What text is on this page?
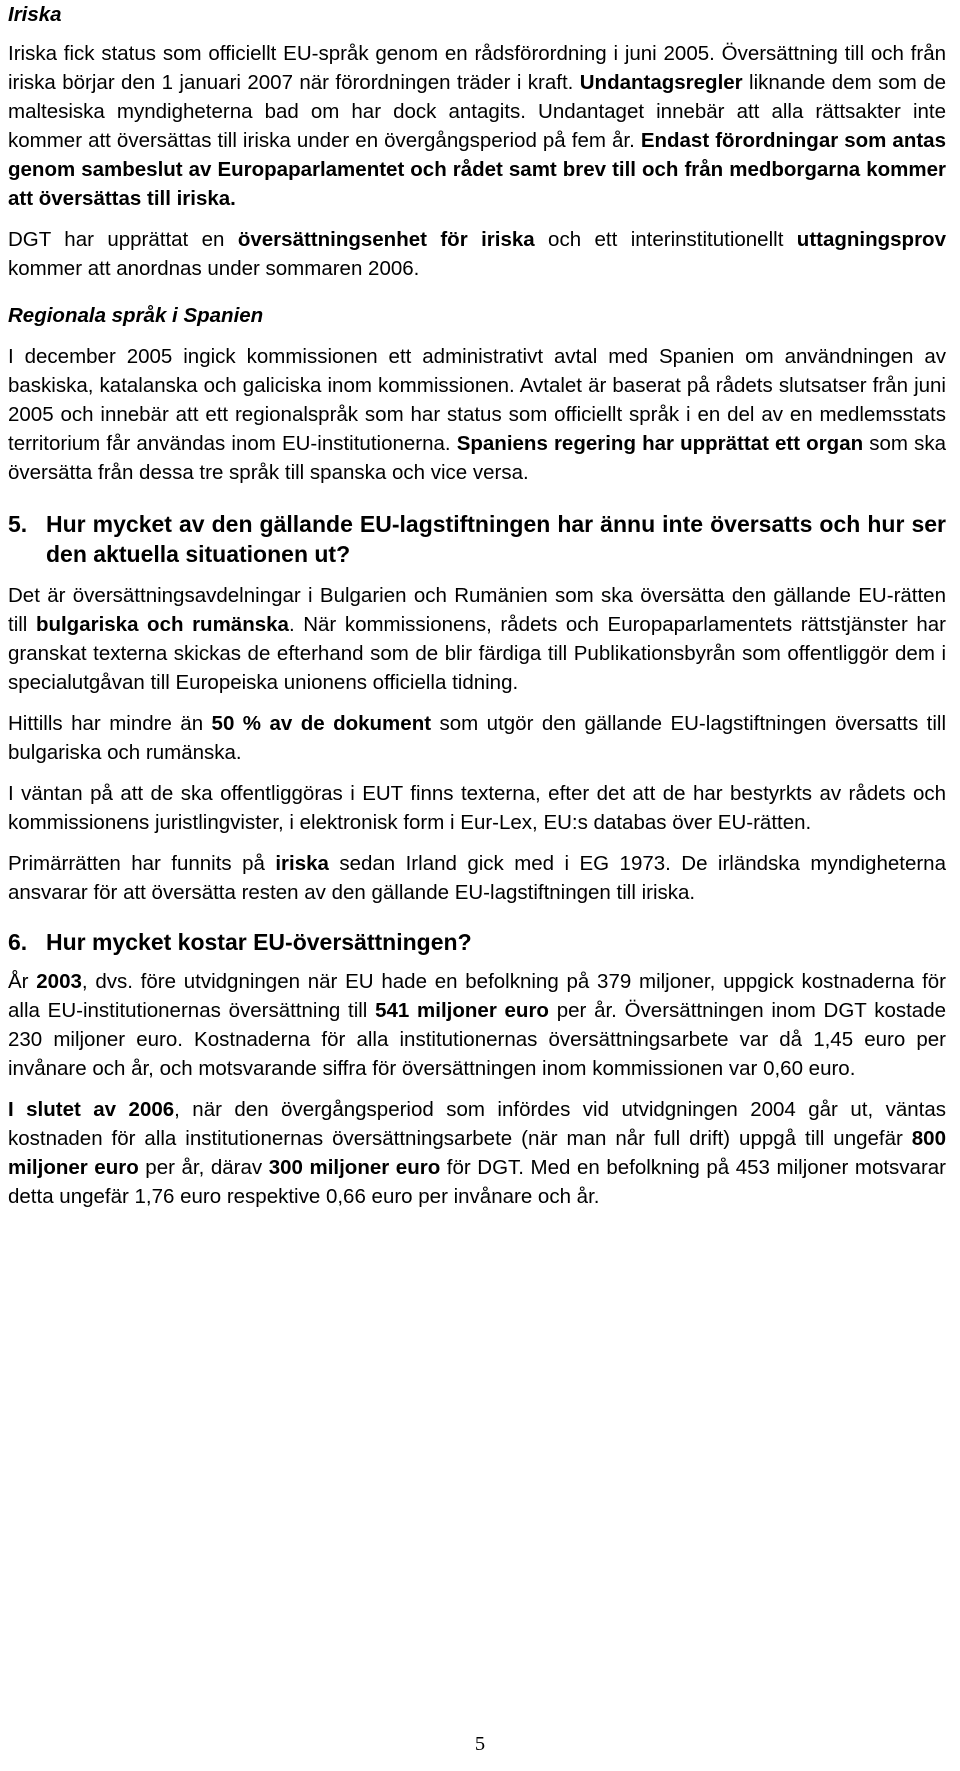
Iriska

Iriska fick status som officiellt EU-språk genom en rådsförordning i juni 2005. Översättning till och från iriska börjar den 1 januari 2007 när förordningen träder i kraft. Undantagsregler liknande dem som de maltesiska myndigheterna bad om har dock antagits. Undantaget innebär att alla rättsakter inte kommer att översättas till iriska under en övergångsperiod på fem år. Endast förordningar som antas genom sambeslut av Europaparlamentet och rådet samt brev till och från medborgarna kommer att översättas till iriska.

DGT har upprättat en översättningsenhet för iriska och ett interinstitutionellt uttagningsprov kommer att anordnas under sommaren 2006.

Regionala språk i Spanien

I december 2005 ingick kommissionen ett administrativt avtal med Spanien om användningen av baskiska, katalanska och galiciska inom kommissionen. Avtalet är baserat på rådets slutsatser från juni 2005 och innebär att ett regionalspråk som har status som officiellt språk i en del av en medlemsstats territorium får användas inom EU-institutionerna. Spaniens regering har upprättat ett organ som ska översätta från dessa tre språk till spanska och vice versa.

5. Hur mycket av den gällande EU-lagstiftningen har ännu inte översatts och hur ser den aktuella situationen ut?

Det är översättningsavdelningar i Bulgarien och Rumänien som ska översätta den gällande EU-rätten till bulgariska och rumänska. När kommissionens, rådets och Europaparlamentets rättstjänster har granskat texterna skickas de efterhand som de blir färdiga till Publikationsbyrån som offentliggör dem i specialutgåvan till Europeiska unionens officiella tidning.

Hittills har mindre än 50 % av de dokument som utgör den gällande EU-lagstiftningen översatts till bulgariska och rumänska.

I väntan på att de ska offentliggöras i EUT finns texterna, efter det att de har bestyrkts av rådets och kommissionens juristlingvister, i elektronisk form i Eur-Lex, EU:s databas över EU-rätten.

Primärrätten har funnits på iriska sedan Irland gick med i EG 1973. De irländska myndigheterna ansvarar för att översätta resten av den gällande EU-lagstiftningen till iriska.

6. Hur mycket kostar EU-översättningen?

År 2003, dvs. före utvidgningen när EU hade en befolkning på 379 miljoner, uppgick kostnaderna för alla EU-institutionernas översättning till 541 miljoner euro per år. Översättningen inom DGT kostade 230 miljoner euro. Kostnaderna för alla institutionernas översättningsarbete var då 1,45 euro per invånare och år, och motsvarande siffra för översättningen inom kommissionen var 0,60 euro.

I slutet av 2006, när den övergångsperiod som infördes vid utvidgningen 2004 går ut, väntas kostnaden för alla institutionernas översättningsarbete (när man når full drift) uppgå till ungefär 800 miljoner euro per år, därav 300 miljoner euro för DGT. Med en befolkning på 453 miljoner motsvarar detta ungefär 1,76 euro respektive 0,66 euro per invånare och år.

5
